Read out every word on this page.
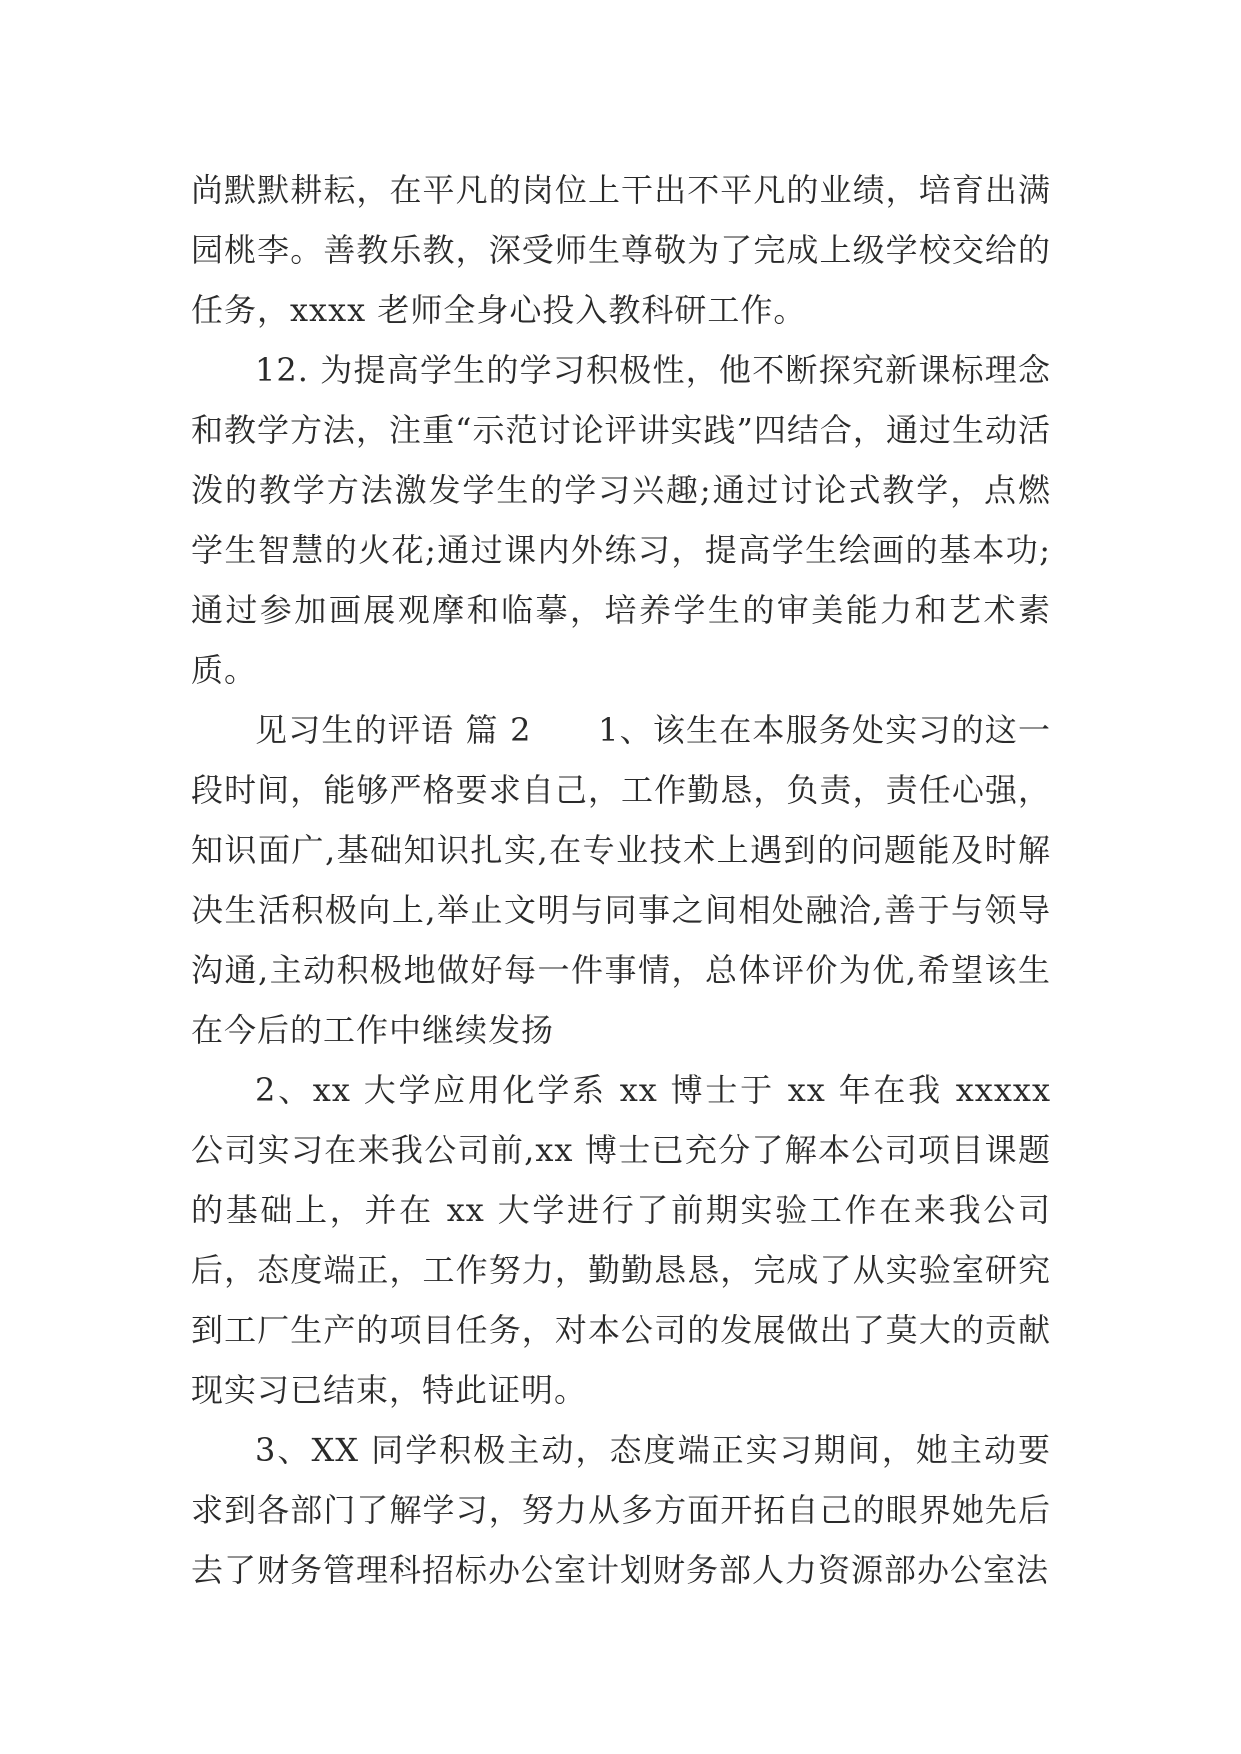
尚默默耕耘，在平凡的岗位上干出不平凡的业绩，培育出满园桃李。善教乐教，深受师生尊敬为了完成上级学校交给的任务，xxxx 老师全身心投入教科研工作。

12. 为提高学生的学习积极性，他不断探究新课标理念和教学方法，注重“示范讨论评讲实践”四结合，通过生动活泼的教学方法激发学生的学习兴趣;通过讨论式教学，点燃学生智慧的火花;通过课内外练习，提高学生绘画的基本功;通过参加画展观摩和临摹，培养学生的审美能力和艺术素质。

见习生的评语 篇 2　　1、该生在本服务处实习的这一段时间，能够严格要求自己，工作勤恳，负责，责任心强，知识面广,基础知识扎实,在专业技术上遇到的问题能及时解决生活积极向上,举止文明与同事之间相处融洽,善于与领导沟通,主动积极地做好每一件事情，总体评价为优,希望该生在今后的工作中继续发扬

2、xx 大学应用化学系 xx 博士于 xx 年在我 xxxxx 公司实习在来我公司前,xx 博士已充分了解本公司项目课题的基础上，并在 xx 大学进行了前期实验工作在来我公司后，态度端正，工作努力，勤勤恳恳，完成了从实验室研究到工厂生产的项目任务，对本公司的发展做出了莫大的贡献现实习已结束，特此证明。

3、XX 同学积极主动，态度端正实习期间，她主动要求到各部门了解学习，努力从多方面开拓自己的眼界她先后去了财务管理科招标办公室计划财务部人力资源部办公室法
